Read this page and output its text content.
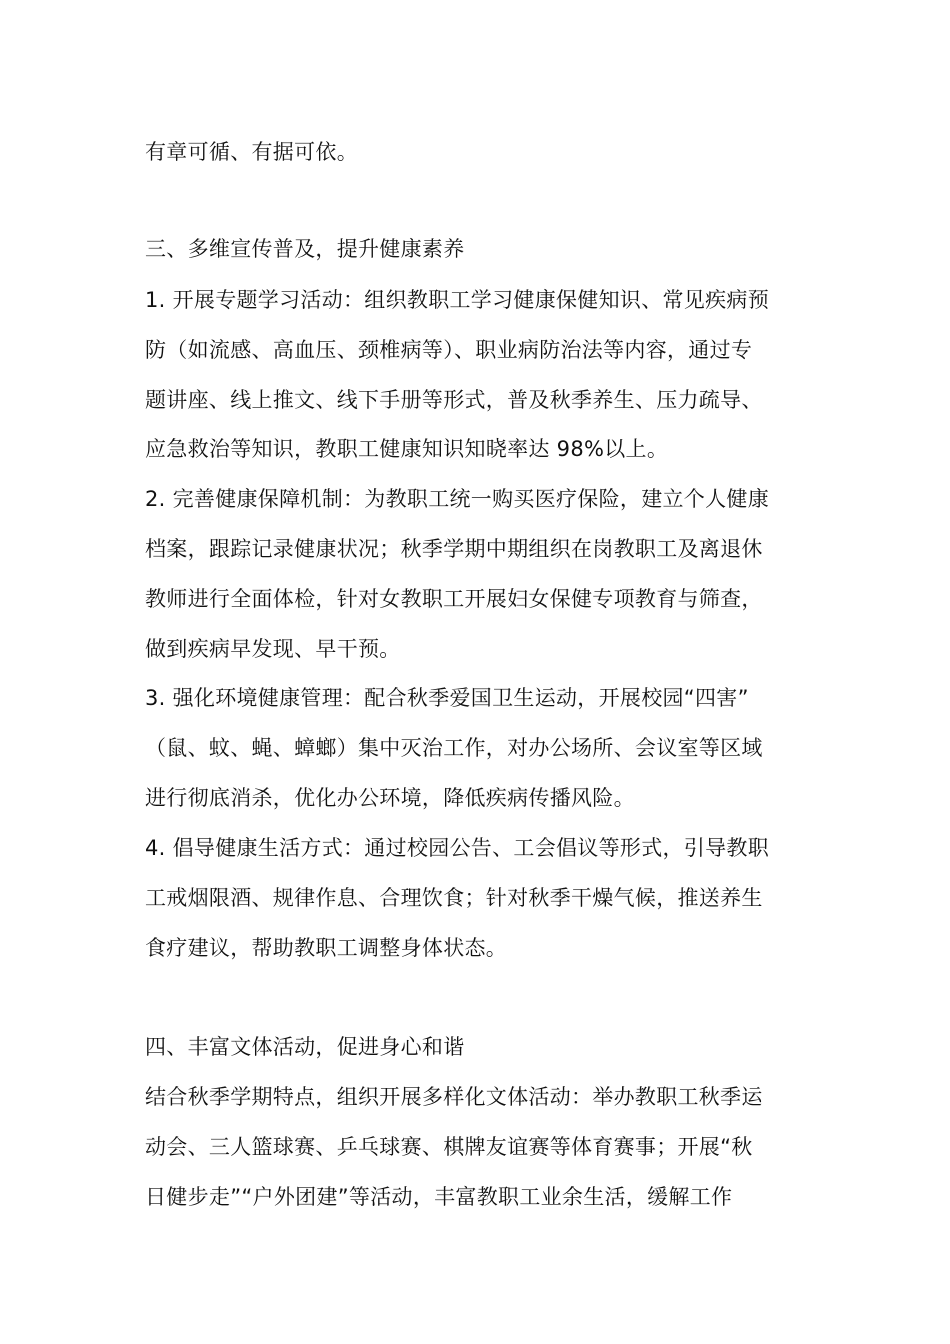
有章可循、有据可依。
三、多维宣传普及，提升健康素养
1. 开展专题学习活动：组织教职工学习健康保健知识、常见疾病预
防（如流感、高血压、颈椎病等）、职业病防治法等内容，通过专
题讲座、线上推文、线下手册等形式，普及秋季养生、压力疏导、
应急救治等知识，教职工健康知识知晓率达 98%以上。
2. 完善健康保障机制：为教职工统一购买医疗保险，建立个人健康
档案，跟踪记录健康状况；秋季学期中期组织在岗教职工及离退休
教师进行全面体检，针对女教职工开展妇女保健专项教育与筛查，
做到疾病早发现、早干预。
3. 强化环境健康管理：配合秋季爱国卫生运动，开展校园“四害”
（鼠、蚊、蝇、蟑螂）集中灭治工作，对办公场所、会议室等区域
进行彻底消杀，优化办公环境，降低疾病传播风险。
4. 倡导健康生活方式：通过校园公告、工会倡议等形式，引导教职
工戒烟限酒、规律作息、合理饮食；针对秋季干燥气候，推送养生
食疗建议，帮助教职工调整身体状态。
四、丰富文体活动，促进身心和谐
结合秋季学期特点，组织开展多样化文体活动：举办教职工秋季运
动会、三人篮球赛、乒乓球赛、棋牌友谊赛等体育赛事；开展“秋
日健步走”“户外团建”等活动，丰富教职工业余生活，缓解工作
